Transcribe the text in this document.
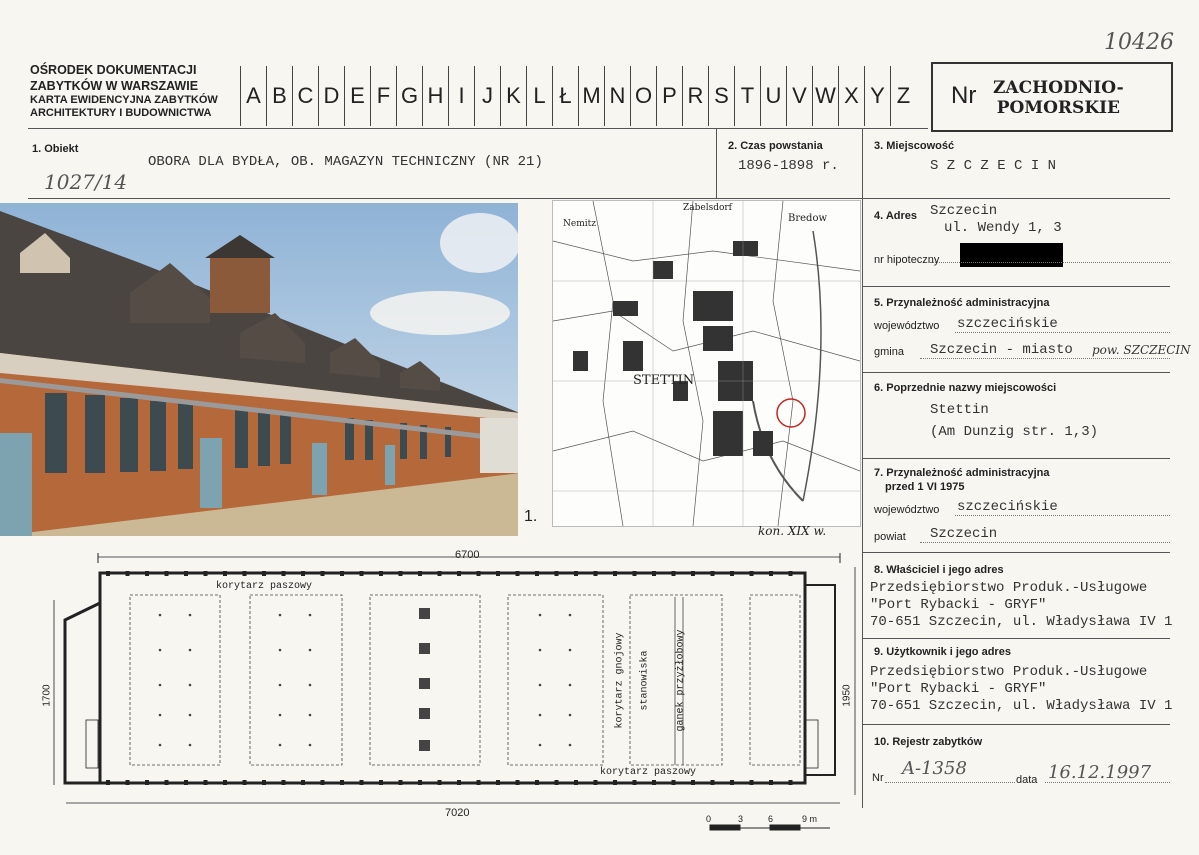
10426
OŚRODEK DOKUMENTACJI
ZABYTKÓW W WARSZAWIE
KARTA EWIDENCYJNA ZABYTKÓW
ARCHITEKTURY I BUDOWNICTWA
A B C D E F G H I J K L Ł M N O P R S T U V W X Y Z Nr ZACHODNIO-
POMORSKIE
1. Obiekt
OBORA DLA BYDŁA, OB. MAGAZYN TECHNICZNY (NR 21)
1027/14
2. Czas powstania
1896-1898 r.
3. Miejscowość
S Z C Z E C I N
1.
STETTIN
Nemitz	Bredow
Zabelsdorf
kon. XIX w.
4. Adres Szczecin
ul. Wendy 1, 3
nr hipoteczny
5. Przynależność administracyjna
województwo szczecińskie
gmina Szczecin - miasto pow. SZCZECIN
6. Poprzednie nazwy miejscowości
Stettin
(Am Dunzig str. 1,3)
7. Przynależność administracyjna
przed 1 VI 1975
województwo szczecińskie
powiat Szczecin
8. Właściciel i jego adres
Przedsiębiorstwo Produk.-Usługowe
"Port Rybacki - GRYF"
70-651 Szczecin, ul. Władysława IV 1
9. Użytkownik i jego adres
Przedsiębiorstwo Produk.-Usługowe
"Port Rybacki - GRYF"
70-651 Szczecin, ul. Władysława IV 1
10. Rejestr zabytków
Nr A-1358
data 16.12.1997
6700
7020
1700	1950
korytarz paszowy
korytarz paszowy
korytarz gnojowy stanowiska	ganek przyżłobowy
0	3	6	9 m
